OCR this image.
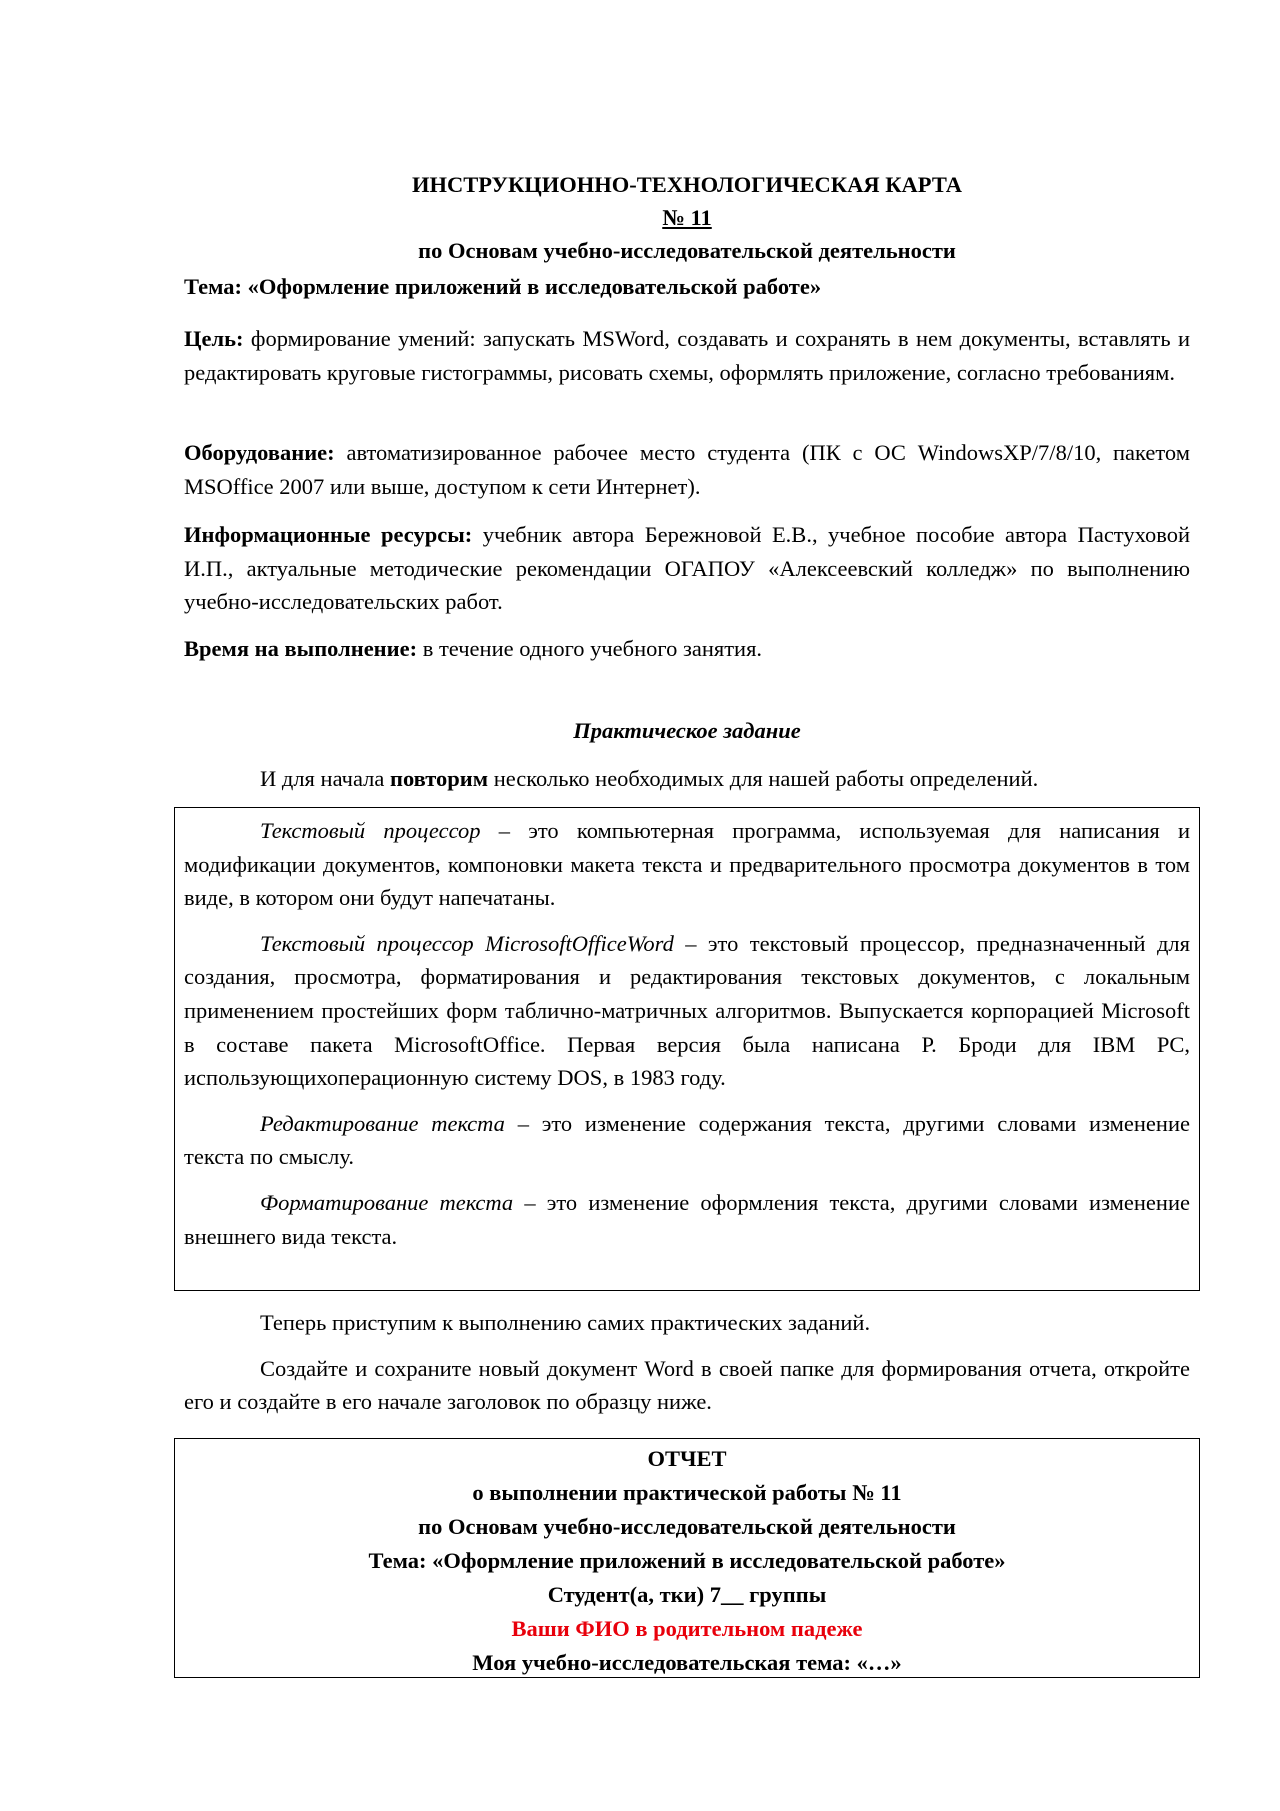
ИНСТРУКЦИОННО-ТЕХНОЛОГИЧЕСКАЯ КАРТА
№ 11
по Основам учебно-исследовательской деятельности
Тема: «Оформление приложений в исследовательской работе»

Цель: формирование умений: запускать MSWord, создавать и сохранять в нем документы, вставлять и редактировать круговые гистограммы, рисовать схемы, оформлять приложение, согласно требованиям.

Оборудование: автоматизированное рабочее место студента (ПК с ОС WindowsXP/7/8/10, пакетом MSOffice 2007 или выше, доступом к сети Интернет).

Информационные ресурсы: учебник автора Бережновой Е.В., учебное пособие автора Пастуховой И.П., актуальные методические рекомендации ОГАПОУ «Алексеевский колледж» по выполнению учебно-исследовательских работ.

Время на выполнение: в течение одного учебного занятия.

Практическое задание

И для начала повторим несколько необходимых для нашей работы определений.

Текстовый процессор – это компьютерная программа, используемая для написания и модификации документов, компоновки макета текста и предварительного просмотра документов в том виде, в котором они будут напечатаны.

Текстовый процессор MicrosoftOfficeWord – это текстовый процессор, предназначенный для создания, просмотра, форматирования и редактирования текстовых документов, с локальным применением простейших форм таблично-матричных алгоритмов. Выпускается корпорацией Microsoft в составе пакета MicrosoftOffice. Первая версия была написана Р. Броди для IBM PC, использующихоперационную систему DOS, в 1983 году.

Редактирование текста – это изменение содержания текста, другими словами изменение текста по смыслу.

Форматирование текста – это изменение оформления текста, другими словами изменение внешнего вида текста.

Теперь приступим к выполнению самих практических заданий.

Создайте и сохраните новый документ Word в своей папке для формирования отчета, откройте его и создайте в его начале заголовок по образцу ниже.

ОТЧЕТ
о выполнении практической работы № 11
по Основам учебно-исследовательской деятельности
Тема: «Оформление приложений в исследовательской работе»
Студент(а, тки) 7__ группы
Ваши ФИО в родительном падеже
Моя учебно-исследовательская тема: «…»
